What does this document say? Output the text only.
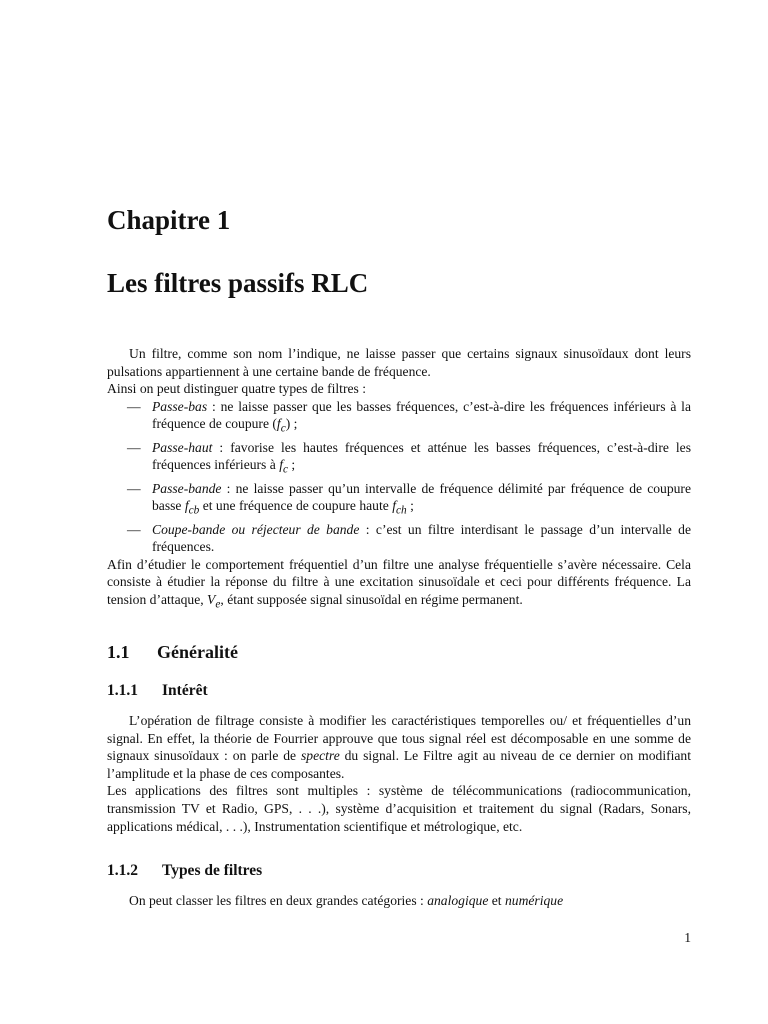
Chapitre 1
Les filtres passifs RLC

Un filtre, comme son nom l’indique, ne laisse passer que certains signaux sinusoïdaux dont leurs pulsations appartiennent à une certaine bande de fréquence.

Ainsi on peut distinguer quatre types de filtres :

— Passe-bas : ne laisse passer que les basses fréquences, c’est-à-dire les fréquences inférieurs à la fréquence de coupure $(f_c)$ ;
— Passe-haut : favorise les hautes fréquences et atténue les basses fréquences, c’est-à-dire les fréquences inférieurs à $f_c$ ;
— Passe-bande : ne laisse passer qu’un intervalle de fréquence délimité par fréquence de coupure basse $f_{cb}$ et une fréquence de coupure haute $f_{ch}$ ;
— Coupe-bande ou réjecteur de bande : c’est un filtre interdisant le passage d’un intervalle de fréquences.

Afin d’étudier le comportement fréquentiel d’un filtre une analyse fréquentielle s’avère nécessaire. Cela consiste à étudier la réponse du filtre à une excitation sinusoïdale et ceci pour différents fréquence. La tension d’attaque, $V_e$, étant supposée signal sinusoïdal en régime permanent.

1.1 Généralité
1.1.1 Intérêt

L’opération de filtrage consiste à modifier les caractéristiques temporelles ou/ et fréquentielles d’un signal. En effet, la théorie de Fourrier approuve que tous signal réel est décomposable en une somme de signaux sinusoïdaux : on parle de spectre du signal. Le Filtre agit au niveau de ce dernier on modifiant l’amplitude et la phase de ces composantes.

Les applications des filtres sont multiples : système de télécommunications (radiocommunication, transmission TV et Radio, GPS, . . .), système d’acquisition et traitement du signal (Radars, Sonars, applications médical, . . .), Instrumentation scientifique et métrologique, etc.

1.1.2 Types de filtres

On peut classer les filtres en deux grandes catégories : analogique et numérique

1
